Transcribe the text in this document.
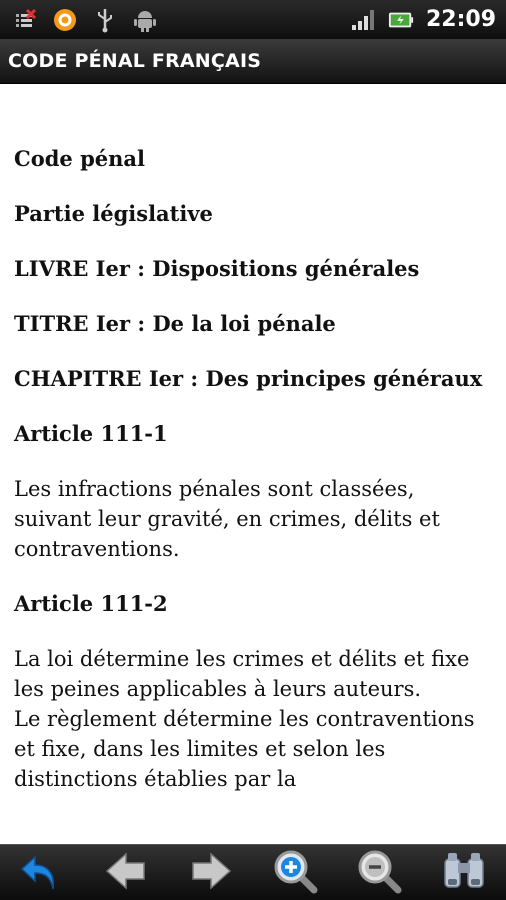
22:09
CODE PÉNAL FRANÇAIS
Code pénal
Partie législative
LIVRE Ier : Dispositions générales
TITRE Ier : De la loi pénale
CHAPITRE Ier : Des principes généraux
Article 111-1
Les infractions pénales sont classées, suivant leur gravité, en crimes, délits et contraventions.
Article 111-2
La loi détermine les crimes et délits et fixe les peines applicables à leurs auteurs.
Le règlement détermine les contraventions et fixe, dans les limites et selon les distinctions établies par la
